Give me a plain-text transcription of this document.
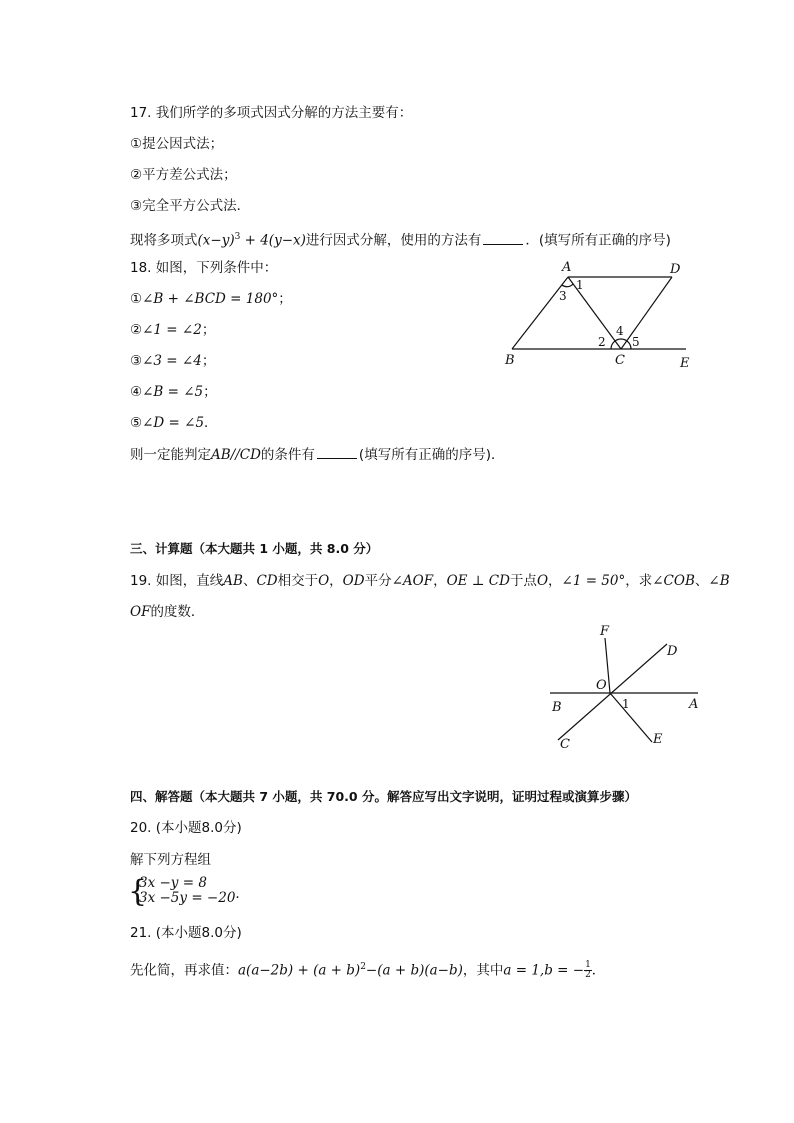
17. 我们所学的多项式因式分解的方法主要有：
①提公因式法；
②平方差公式法；
③完全平方公式法．
现将多项式$(x-y)^3 + 4(y-x)$进行因式分解，使用的方法有	．(填写所有正确的序号)
18. 如图，下列条件中：
①∠B + ∠BCD = 180°；
②∠1 = ∠2；
③∠3 = ∠4；
④∠B = ∠5；
⑤∠D = ∠5．
则一定能判定AB//CD的条件有	(填写所有正确的序号)．
A	D
B	C	E
1
3
4
2 5
三、计算题（本大题共 1 小题，共 8.0 分）
19. 如图，直线AB、CD相交于O，OD平分∠AOF，OE ⊥ CD于点O，∠1 = 50°，求∠COB、∠B
OF的度数．
F
D
O
B	A
C	E
1
四、解答题（本大题共 7 小题，共 70.0 分。解答应写出文字说明，证明过程或演算步骤）
20. (本小题8.0分)
解下列方程组
{
3x −y = 8
3x −5y = −20·
21. (本小题8.0分)
先化简，再求值：$a(a-2b) + (a + b)^2-(a + b)(a-b)$，其中a = 1,b = − $\frac{1}{2}$ ．
